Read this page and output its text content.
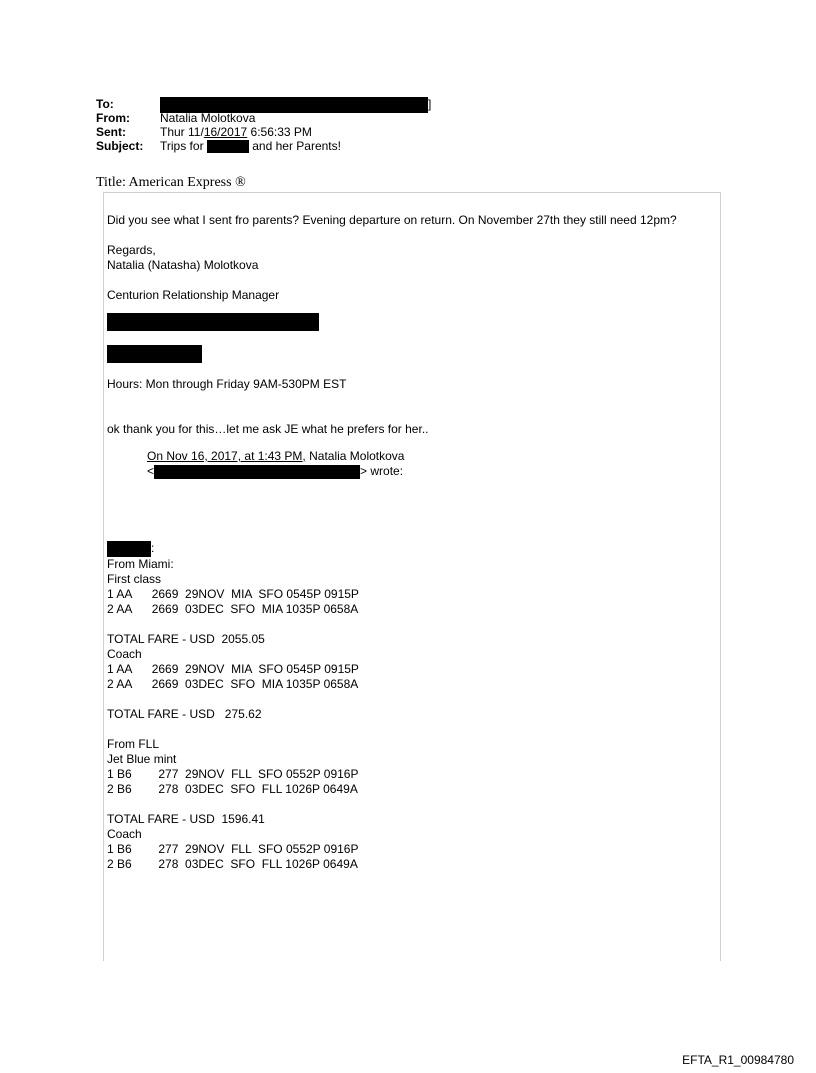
To:	]
From:	Natalia Molotkova
Sent:	Thur 11/16/2017 6:56:33 PM
Subject:	Trips for	and her Parents!
Title: American Express ®

Did you see what I sent fro parents? Evening departure on return. On November 27th they still need 12pm?

Regards,

Natalia (Natasha) Molotkova

Centurion Relationship Manager

Hours: Mon through Friday 9AM-530PM EST

ok thank you for this…let me ask JE what he prefers for her..

On Nov 16, 2017, at 1:43 PM, Natalia Molotkova

<	> wrote:

:

From Miami:

First class

1 AA      2669  29NOV  MIA  SFO 0545P 0915P

2 AA      2669  03DEC  SFO  MIA 1035P 0658A

TOTAL FARE - USD  2055.05

Coach

1 AA      2669  29NOV  MIA  SFO 0545P 0915P

2 AA      2669  03DEC  SFO  MIA 1035P 0658A

TOTAL FARE - USD   275.62

From FLL

Jet Blue mint

1 B6        277  29NOV  FLL  SFO 0552P 0916P

2 B6        278  03DEC  SFO  FLL 1026P 0649A

TOTAL FARE - USD  1596.41

Coach

1 B6        277  29NOV  FLL  SFO 0552P 0916P

2 B6        278  03DEC  SFO  FLL 1026P 0649A

EFTA_R1_00984780
